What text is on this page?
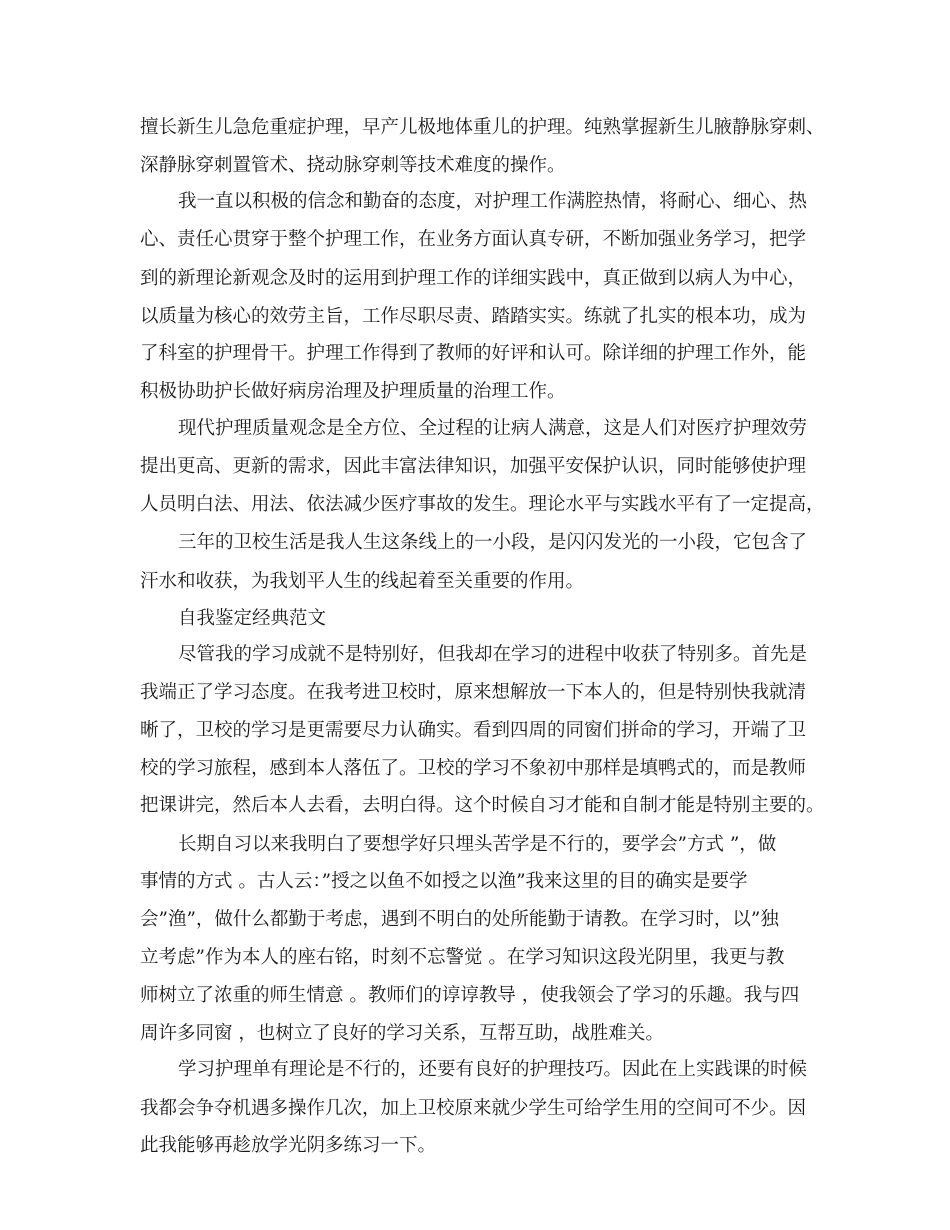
擅长新生儿急危重症护理，早产儿极地体重儿的护理。纯熟掌握新生儿腋静脉穿刺、
深静脉穿刺置管术、挠动脉穿刺等技术难度的操作。
我一直以积极的信念和勤奋的态度，对护理工作满腔热情，将耐心、细心、热
心、责任心贯穿于整个护理工作，在业务方面认真专研，不断加强业务学习，把学
到的新理论新观念及时的运用到护理工作的详细实践中，真正做到以病人为中心，
以质量为核心的效劳主旨，工作尽职尽责、踏踏实实。练就了扎实的根本功，成为
了科室的护理骨干。护理工作得到了教师的好评和认可。除详细的护理工作外，能
积极协助护长做好病房治理及护理质量的治理工作。
现代护理质量观念是全方位、全过程的让病人满意，这是人们对医疗护理效劳
提出更高、更新的需求，因此丰富法律知识，加强平安保护认识，同时能够使护理
人员明白法、用法、依法减少医疗事故的发生。理论水平与实践水平有了一定提高，
三年的卫校生活是我人生这条线上的一小段，是闪闪发光的一小段，它包含了
汗水和收获，为我划平人生的线起着至关重要的作用。
自我鉴定经典范文
尽管我的学习成就不是特别好，但我却在学习的进程中收获了特别多。首先是
我端正了学习态度。在我考进卫校时，原来想解放一下本人的，但是特别快我就清
晰了，卫校的学习是更需要尽力认确实。看到四周的同窗们拼命的学习，开端了卫
校的学习旅程，感到本人落伍了。卫校的学习不象初中那样是填鸭式的，而是教师
把课讲完，然后本人去看，去明白得。这个时候自习才能和自制才能是特别主要的。
长期自习以来我明白了要想学好只埋头苦学是不行的，要学会”方式 ”，做
事情的方式 。古人云：”授之以鱼不如授之以渔”我来这里的目的确实是要学
会”渔”，做什么都勤于考虑，遇到不明白的处所能勤于请教。在学习时，以”独
立考虑”作为本人的座右铭，时刻不忘警觉 。在学习知识这段光阴里，我更与教
师树立了浓重的师生情意 。教师们的谆谆教导 ，使我领会了学习的乐趣。我与四
周许多同窗 ，也树立了良好的学习关系，互帮互助，战胜难关。
学习护理单有理论是不行的，还要有良好的护理技巧。因此在上实践课的时候
我都会争夺机遇多操作几次，加上卫校原来就少学生可给学生用的空间可不少。因
此我能够再趁放学光阴多练习一下。
